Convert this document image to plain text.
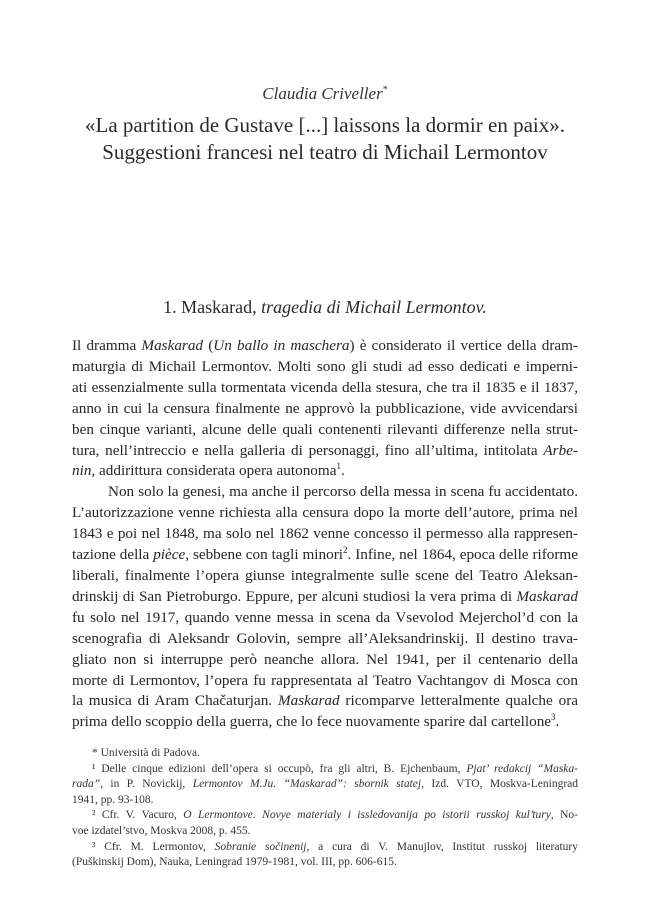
Claudia Criveller*
«La partition de Gustave [...] laissons la dormir en paix».
Suggestioni francesi nel teatro di Michail Lermontov
1. Maskarad, tragedia di Michail Lermontov.

Il dramma Maskarad (Un ballo in maschera) è considerato il vertice della dram-
maturgia di Michail Lermontov. Molti sono gli studi ad esso dedicati e imperni-
ati essenzialmente sulla tormentata vicenda della stesura, che tra il 1835 e il 1837,
anno in cui la censura finalmente ne approvò la pubblicazione, vide avvicendarsi
ben cinque varianti, alcune delle quali contenenti rilevanti differenze nella strut-
tura, nell’intreccio e nella galleria di personaggi, fino all’ultima, intitolata Arbe-
nin, addirittura considerata opera autonoma$^1$.

Non solo la genesi, ma anche il percorso della messa in scena fu accidentato.
L’autorizzazione venne richiesta alla censura dopo la morte dell’autore, prima nel
1843 e poi nel 1848, ma solo nel 1862 venne concesso il permesso alla rappresen-
tazione della pièce, sebbene con tagli minori$^2$. Infine, nel 1864, epoca delle riforme
liberali, finalmente l’opera giunse integralmente sulle scene del Teatro Aleksan-
drinskij di San Pietroburgo. Eppure, per alcuni studiosi la vera prima di Maskarad
fu solo nel 1917, quando venne messa in scena da Vsevolod Mejerchol’d con la
scenografia di Aleksandr Golovin, sempre all’Aleksandrinskij. Il destino trava-
gliato non si interruppe però neanche allora. Nel 1941, per il centenario della
morte di Lermontov, l’opera fu rappresentata al Teatro Vachtangov di Mosca con
la musica di Aram Chačaturjan. Maskarad ricomparve letteralmente qualche ora
prima dello scoppio della guerra, che lo fece nuovamente sparire dal cartellone$^3$.

* Università di Padova.
¹ Delle cinque edizioni dell’opera si occupò, fra gli altri, B. Ejchenbaum, Pjat’ redakcij “Maska-
rada”, in P. Novickij, Lermontov M.Ju. “Maskarad”: sbornik statej, Izd. VTO, Moskva-Leningrad
1941, pp. 93-108.
² Cfr. V. Vacuro, O Lermontove. Novye materialy i issledovanija po istorii russkoj kul’tury, No-
voe izdatel’stvo, Moskva 2008, p. 455.
³ Cfr. M. Lermontov, Sobranie sočinenij, a cura di V. Manujlov, Institut russkoj literatury
(Puškinskij Dom), Nauka, Leningrad 1979-1981, vol. III, pp. 606-615.
